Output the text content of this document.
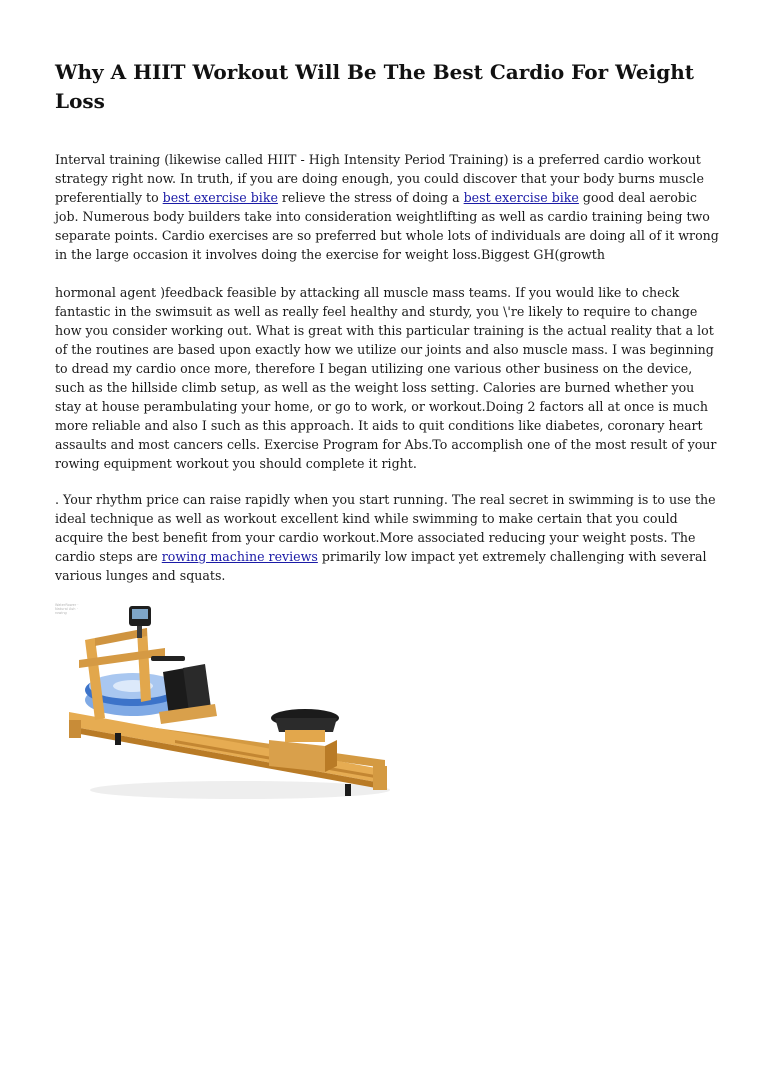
Why A HIIT Workout Will Be The Best Cardio For Weight Loss

Interval training (likewise called HIIT - High Intensity Period Training) is a preferred cardio workout strategy right now. In truth, if you are doing enough, you could discover that your body burns muscle preferentially to best exercise bike relieve the stress of doing a best exercise bike good deal aerobic job. Numerous body builders take into consideration weightlifting as well as cardio training being two separate points. Cardio exercises are so preferred but whole lots of individuals are doing all of it wrong in the large occasion it involves doing the exercise for weight loss.Biggest GH(growth

hormonal agent )feedback feasible by attacking all muscle mass teams. If you would like to check fantastic in the swimsuit as well as really feel healthy and sturdy, you \'re likely to require to change how you consider working out. What is great with this particular training is the actual reality that a lot of the routines are based upon exactly how we utilize our joints and also muscle mass. I was beginning to dread my cardio once more, therefore I began utilizing one various other business on the device, such as the hillside climb setup, as well as the weight loss setting. Calories are burned whether you stay at house perambulating your home, or go to work, or workout.Doing 2 factors all at once is much more reliable and also I such as this approach. It aids to quit conditions like diabetes, coronary heart assaults and most cancers cells. Exercise Program for Abs.To accomplish one of the most result of your rowing equipment workout you should complete it right.

. Your rhythm price can raise rapidly when you start running. The real secret in swimming is to use the ideal technique as well as workout excellent kind while swimming to make certain that you could acquire the best benefit from your cardio workout.More associated reducing your weight posts. The cardio steps are rowing machine reviews primarily low impact yet extremely challenging with several various lunges and squats.

WaterRower · Natural Ash · rowing
